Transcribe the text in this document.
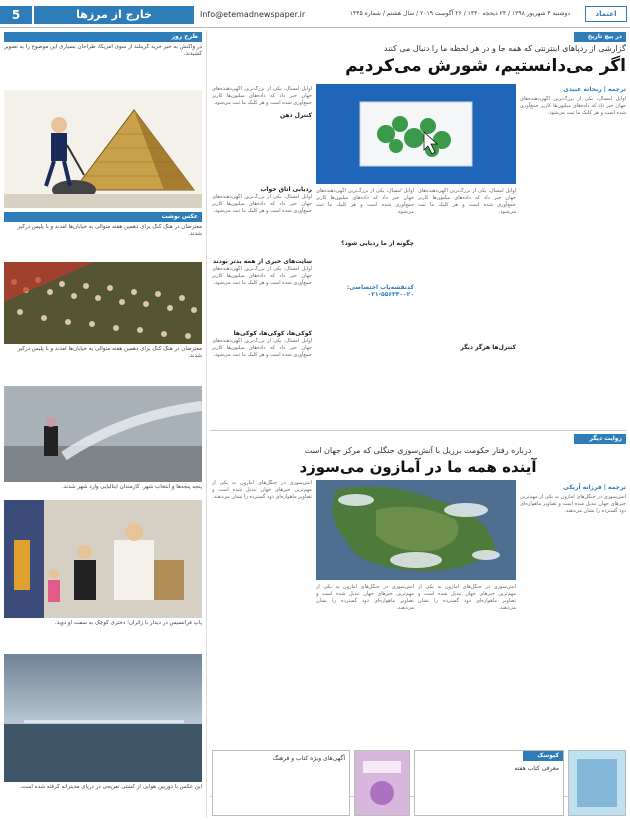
5	خارج از مرزها	Info@etemadnewspaper.ir	دوشنبه ۴ شهریور ۱۳۹۸ / ۲۴ ذیحجه ۱۴۴۰ / ۲۶ آگوست ۲۰۱۹ / سال هشتم / شماره ۱۴۴۵	اعتماد
طرح روز
در واکنش به خبر خرید گرینلند از سوی آمریکا، طراحان بسیاری این موضوع را به تصویر کشیدند.
عکس نوشت
معترضان در هنگ کنگ برای دهمین هفته متوالی به خیابان‌ها آمدند و با پلیس درگیر شدند.
معترضان در هنگ کنگ برای دهمین هفته متوالی به خیابان‌ها آمدند و با پلیس درگیر شدند.
پنجه پنجه‌ها و انتخاب شهر. کارمندان ایتالیایی وارد شهر شدند.
پاپ فرانسیس در دیدار با زائران؛ دختری کوچک به سمت او دوید.
این عکس با دوربین هوایی از کشتی تفریحی در دریای مدیترانه گرفته شده است.
در پیچ تاریخ
گزارشی از ردپاهای اینترنتی که همه جا و در هر لحظه ما را دنبال می کنند
اگر می‌دانستیم، شورش می‌کردیم
ترجمه | ریحانه عبیدی
اوایل امسال، یکی از بزرگ‌ترین آگهی‌دهنده‌های جهان خبر داد که داده‌های میلیون‌ها کاربر جمع‌آوری شده است و هر کلیک ما ثبت می‌شود.
اوایل امسال، یکی از بزرگ‌ترین آگهی‌دهنده‌های جهان خبر داد که داده‌های میلیون‌ها کاربر جمع‌آوری شده است و هر کلیک ما ثبت می‌شود.
کنترل ذهن
ردیابی اتاق خواب
اوایل امسال، یکی از بزرگ‌ترین آگهی‌دهنده‌های جهان خبر داد که داده‌های میلیون‌ها کاربر جمع‌آوری شده است و هر کلیک ما ثبت می‌شود.
سایت‌های خبری از همه بدتر بودند
اوایل امسال، یکی از بزرگ‌ترین آگهی‌دهنده‌های جهان خبر داد که داده‌های میلیون‌ها کاربر جمع‌آوری شده است و هر کلیک ما ثبت می‌شود.
کوکی‌ها، کوکی‌ها، کوکی‌ها
اوایل امسال، یکی از بزرگ‌ترین آگهی‌دهنده‌های جهان خبر داد که داده‌های میلیون‌ها کاربر جمع‌آوری شده است و هر کلیک ما ثبت می‌شود.
اوایل امسال، یکی از بزرگ‌ترین آگهی‌دهنده‌های جهان خبر داد که داده‌های میلیون‌ها کاربر جمع‌آوری شده است و هر کلیک ما ثبت می‌شود.
چگونه از ما ردیابی شود؟
کدنقشه‌یاب اختصاصی: ۵۵۶۳۴۰۰۲۰-۰۲۱
اوایل امسال، یکی از بزرگ‌ترین آگهی‌دهنده‌های جهان خبر داد که داده‌های میلیون‌ها کاربر جمع‌آوری شده است و هر کلیک ما ثبت می‌شود.
کنترل‌ها هرگز دیگر
روایت دیگر
درباره رفتار حکومت برزیل با آتش‌سوزی جنگلی که مرکز جهان است
آینده همه ما در آمازون می‌سوزد
ترجمه | فرزانه آزیکی
آتش‌سوزی در جنگل‌های آمازون به یکی از مهم‌ترین خبرهای جهان تبدیل شده است و تصاویر ماهواره‌ای دود گسترده را نشان می‌دهند.
آتش‌سوزی در جنگل‌های آمازون به یکی از مهم‌ترین خبرهای جهان تبدیل شده است و تصاویر ماهواره‌ای دود گسترده را نشان می‌دهند.
آتش‌سوزی در جنگل‌های آمازون به یکی از مهم‌ترین خبرهای جهان تبدیل شده است و تصاویر ماهواره‌ای دود گسترده را نشان می‌دهند.
آتش‌سوزی در جنگل‌های آمازون به یکی از مهم‌ترین خبرهای جهان تبدیل شده است و تصاویر ماهواره‌ای دود گسترده را نشان می‌دهند.
آگهی‌های ویژه کتاب و فرهنگ	کیوسک
معرفی کتاب هفته
